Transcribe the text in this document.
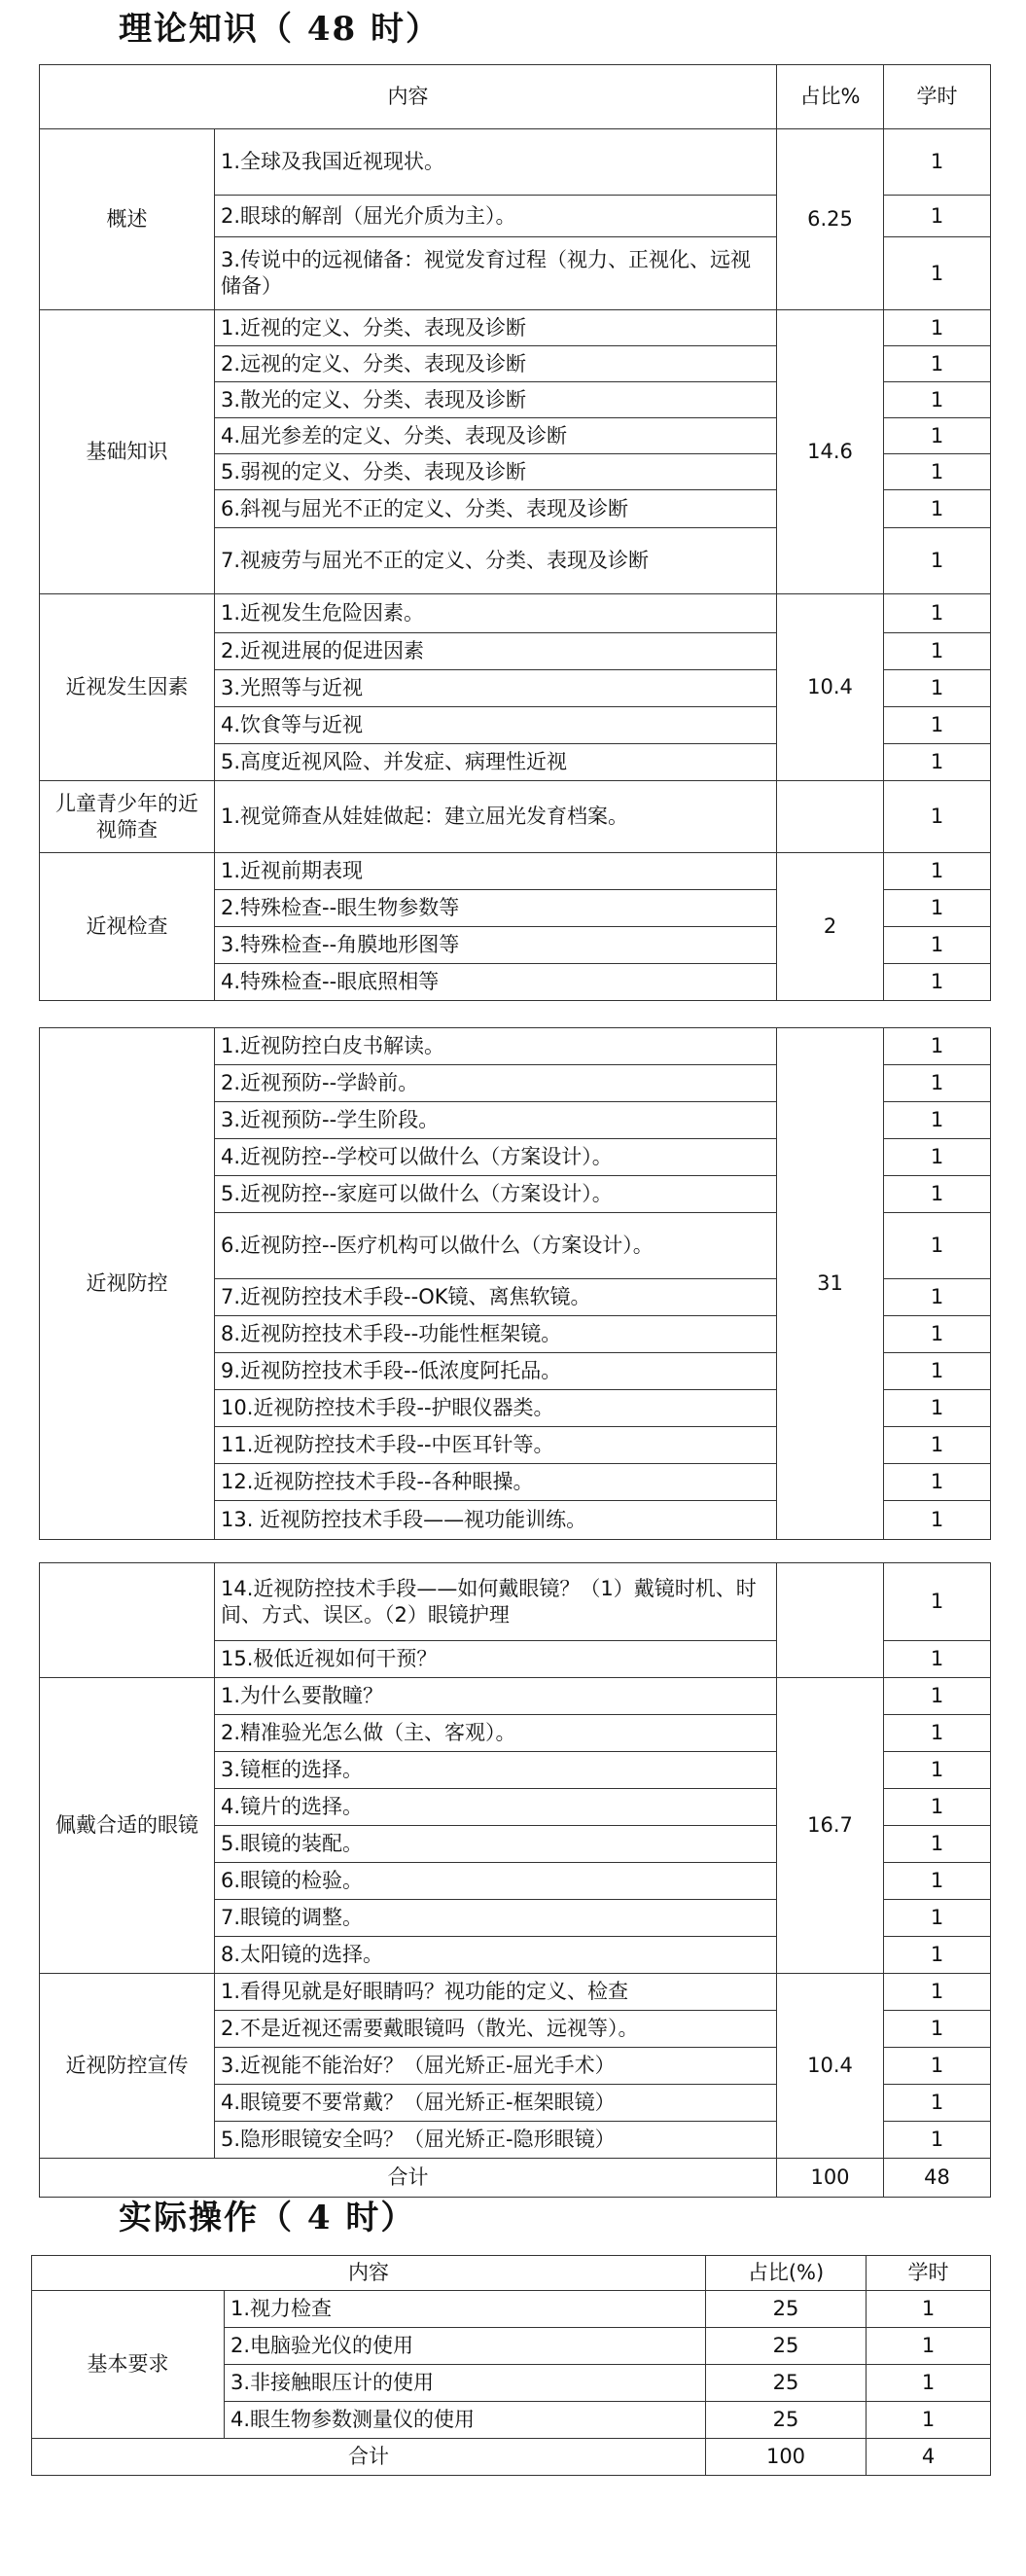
理论知识（ 48 时）
内容		占比%	学时
概述	1.全球及我国近视现状。	6.25	1
	2.眼球的解剖（屈光介质为主）。		1
	3.传说中的远视储备：视觉发育过程（视力、正视化、远视储备）		1
基础知识	1.近视的定义、分类、表现及诊断	14.6	1
	2.远视的定义、分类、表现及诊断		1
	3.散光的定义、分类、表现及诊断		1
	4.屈光参差的定义、分类、表现及诊断		1
	5.弱视的定义、分类、表现及诊断		1
	6.斜视与屈光不正的定义、分类、表现及诊断		1
	7.视疲劳与屈光不正的定义、分类、表现及诊断		1
近视发生因素	1.近视发生危险因素。	10.4	1
	2.近视进展的促进因素		1
	3.光照等与近视		1
	4.饮食等与近视		1
	5.高度近视风险、并发症、病理性近视		1
儿童青少年的近视筛查	1.视觉筛查从娃娃做起：建立屈光发育档案。		1
近视检查	1.近视前期表现	2	1
	2.特殊检查--眼生物参数等		1
	3.特殊检查--角膜地形图等		1
	4.特殊检查--眼底照相等		1
近视防控	1.近视防控白皮书解读。	31	1
	2.近视预防--学龄前。		1
	3.近视预防--学生阶段。		1
	4.近视防控--学校可以做什么（方案设计）。		1
	5.近视防控--家庭可以做什么（方案设计）。		1
	6.近视防控--医疗机构可以做什么（方案设计）。		1
	7.近视防控技术手段--OK镜、离焦软镜。		1
	8.近视防控技术手段--功能性框架镜。		1
	9.近视防控技术手段--低浓度阿托品。		1
	10.近视防控技术手段--护眼仪器类。		1
	11.近视防控技术手段--中医耳针等。		1
	12.近视防控技术手段--各种眼操。		1
	13. 近视防控技术手段——视功能训练。		1
	14.近视防控技术手段——如何戴眼镜？（1）戴镜时机、时间、方式、误区。（2）眼镜护理		1
	15.极低近视如何干预？		1
佩戴合适的眼镜	1.为什么要散瞳？	16.7	1
	2.精准验光怎么做（主、客观）。		1
	3.镜框的选择。		1
	4.镜片的选择。		1
	5.眼镜的装配。		1
	6.眼镜的检验。		1
	7.眼镜的调整。		1
	8.太阳镜的选择。		1
近视防控宣传	1.看得见就是好眼睛吗？视功能的定义、检查	10.4	1
	2.不是近视还需要戴眼镜吗（散光、远视等）。		1
	3.近视能不能治好？（屈光矫正-屈光手术）		1
	4.眼镜要不要常戴？（屈光矫正-框架眼镜）		1
	5.隐形眼镜安全吗？（屈光矫正-隐形眼镜）		1
合计		100	48
实际操作（ 4 时）
内容		占比(%)	学时
基本要求	1.视力检查	25	1
	2.电脑验光仪的使用	25	1
	3.非接触眼压计的使用	25	1
	4.眼生物参数测量仪的使用	25	1
合计		100	4
